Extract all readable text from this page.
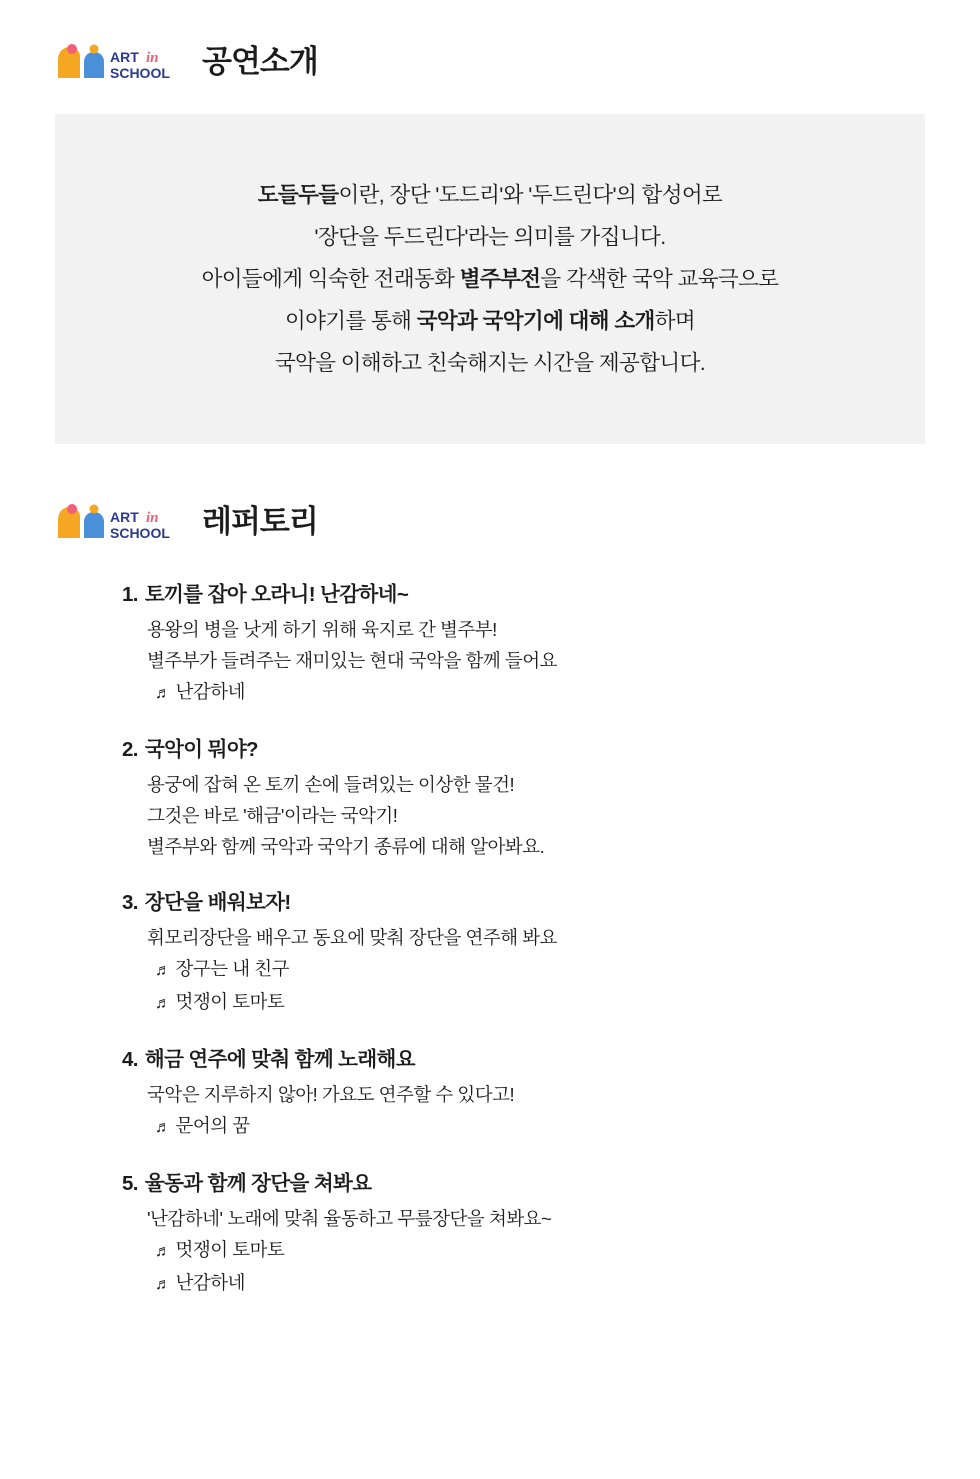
ART in
SCHOOL 공연소개
도들두들이란, 장단 '도드리'와 '두드린다'의 합성어로
'장단을 두드린다'라는 의미를 가집니다.
아이들에게 익숙한 전래동화 별주부전을 각색한 국악 교육극으로
이야기를 통해 국악과 국악기에 대해 소개하며
국악을 이해하고 친숙해지는 시간을 제공합니다.
ART in
SCHOOL 레퍼토리
1. 토끼를 잡아 오라니! 난감하네~
용왕의 병을 낫게 하기 위해 육지로 간 별주부!
별주부가 들려주는 재미있는 현대 국악을 함께 들어요
♬ 난감하네
2. 국악이 뭐야?
용궁에 잡혀 온 토끼 손에 들려있는 이상한 물건!
그것은 바로 '해금'이라는 국악기!
별주부와 함께 국악과 국악기 종류에 대해 알아봐요.
3. 장단을 배워보자!
휘모리장단을 배우고 동요에 맞춰 장단을 연주해 봐요
♬ 장구는 내 친구
♬ 멋쟁이 토마토
4. 해금 연주에 맞춰 함께 노래해요
국악은 지루하지 않아! 가요도 연주할 수 있다고!
♬ 문어의 꿈
5. 율동과 함께 장단을 쳐봐요
'난감하네' 노래에 맞춰 율동하고 무릎장단을 쳐봐요~
♬ 멋쟁이 토마토
♬ 난감하네
